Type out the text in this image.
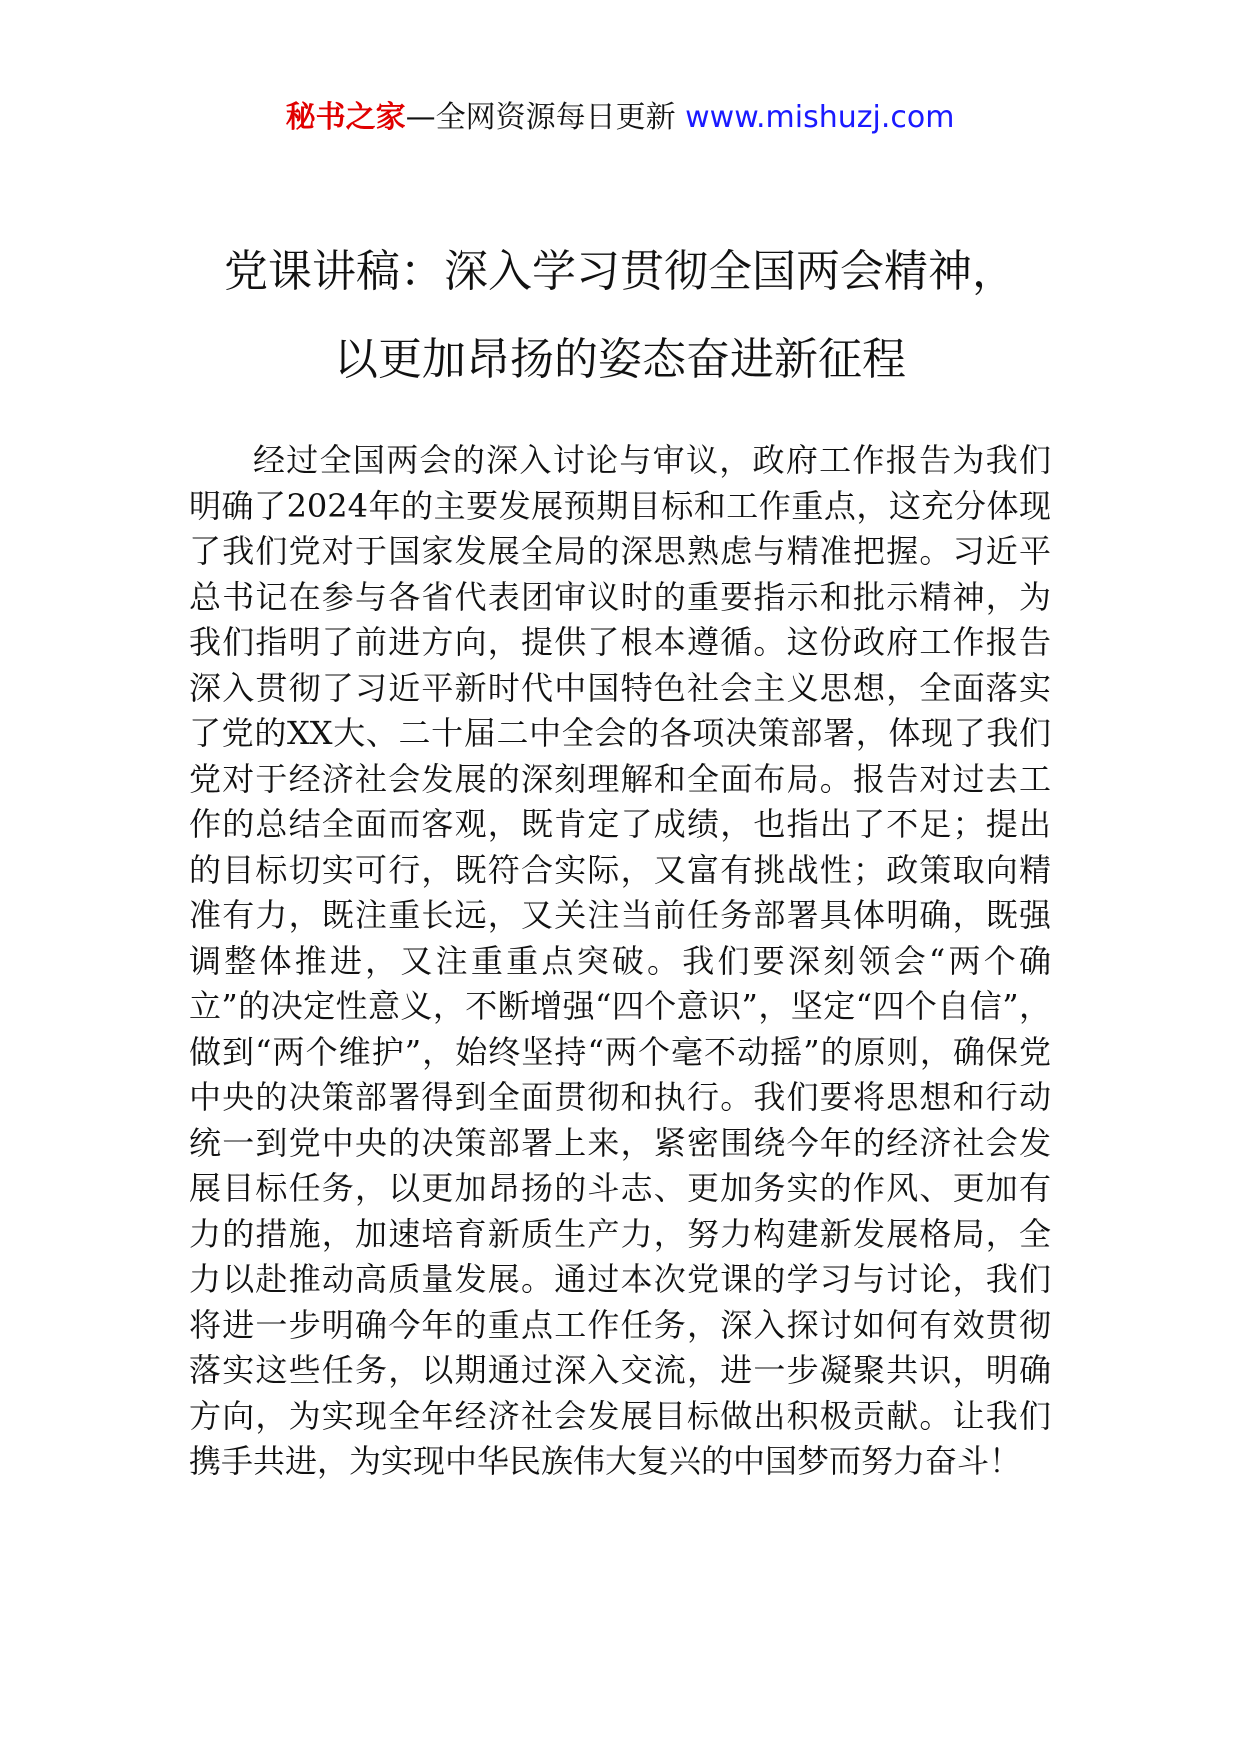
秘书之家—全网资源每日更新 www.mishuzj.com
党课讲稿：深入学习贯彻全国两会精神，
以更加昂扬的姿态奋进新征程

经过全国两会的深入讨论与审议，政府工作报告为我们明确了2024年的主要发展预期目标和工作重点，这充分体现了我们党对于国家发展全局的深思熟虑与精准把握。习近平总书记在参与各省代表团审议时的重要指示和批示精神，为我们指明了前进方向，提供了根本遵循。这份政府工作报告深入贯彻了习近平新时代中国特色社会主义思想，全面落实了党的XX大、二十届二中全会的各项决策部署，体现了我们党对于经济社会发展的深刻理解和全面布局。报告对过去工作的总结全面而客观，既肯定了成绩，也指出了不足；提出的目标切实可行，既符合实际，又富有挑战性；政策取向精准有力，既注重长远，又关注当前任务部署具体明确，既强调整体推进，又注重重点突破。我们要深刻领会“两个确立”的决定性意义，不断增强“四个意识”，坚定“四个自信”，做到“两个维护”，始终坚持“两个毫不动摇”的原则，确保党中央的决策部署得到全面贯彻和执行。我们要将思想和行动统一到党中央的决策部署上来，紧密围绕今年的经济社会发展目标任务，以更加昂扬的斗志、更加务实的作风、更加有力的措施，加速培育新质生产力，努力构建新发展格局，全力以赴推动高质量发展。通过本次党课的学习与讨论，我们将进一步明确今年的重点工作任务，深入探讨如何有效贯彻落实这些任务，以期通过深入交流，进一步凝聚共识，明确方向，为实现全年经济社会发展目标做出积极贡献。让我们携手共进，为实现中华民族伟大复兴的中国梦而努力奋斗！
